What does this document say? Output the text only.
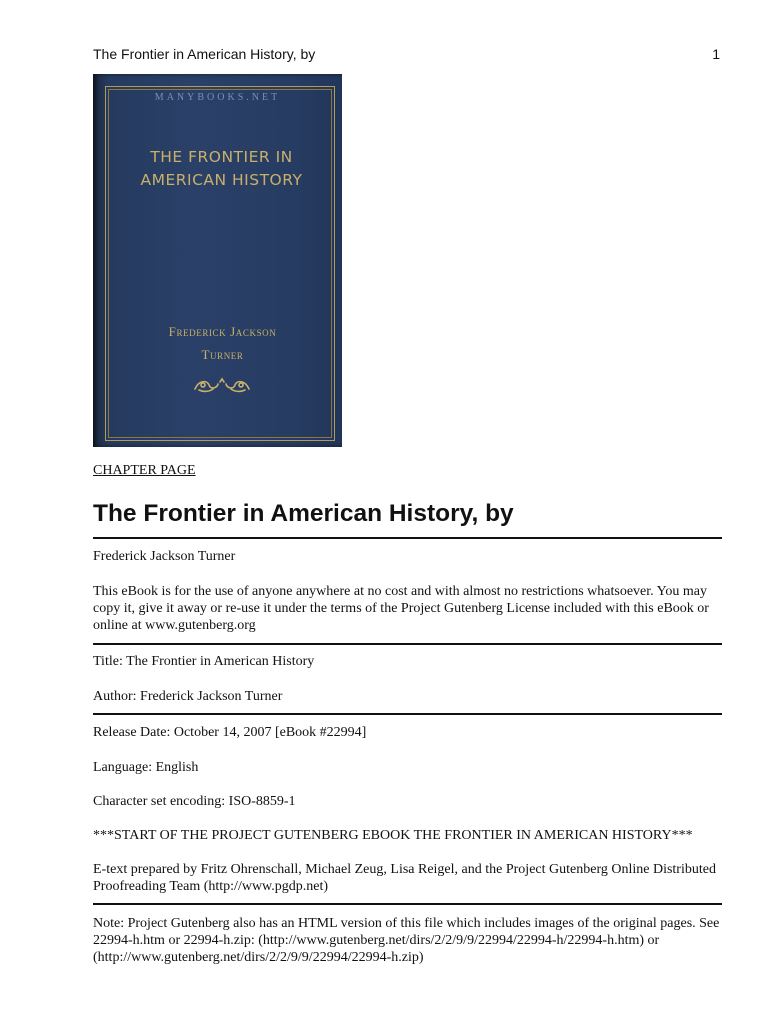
The Frontier in American History, by	1
MANYBOOKS.NET
THE FRONTIER IN
AMERICAN HISTORY
Frederick Jackson
Turner
CHAPTER PAGE
The Frontier in American History, by

Frederick Jackson Turner

This eBook is for the use of anyone anywhere at no cost and with almost no restrictions whatsoever. You may copy it, give it away or re-use it under the terms of the Project Gutenberg License included with this eBook or online at www.gutenberg.org

Title: The Frontier in American History

Author: Frederick Jackson Turner

Release Date: October 14, 2007 [eBook #22994]

Language: English

Character set encoding: ISO-8859-1

***START OF THE PROJECT GUTENBERG EBOOK THE FRONTIER IN AMERICAN HISTORY***

E-text prepared by Fritz Ohrenschall, Michael Zeug, Lisa Reigel, and the Project Gutenberg Online Distributed Proofreading Team (http://www.pgdp.net)

Note: Project Gutenberg also has an HTML version of this file which includes images of the original pages. See 22994-h.htm or 22994-h.zip: (http://www.gutenberg.net/dirs/2/2/9/9/22994/22994-h/22994-h.htm) or (http://www.gutenberg.net/dirs/2/2/9/9/22994/22994-h.zip)
